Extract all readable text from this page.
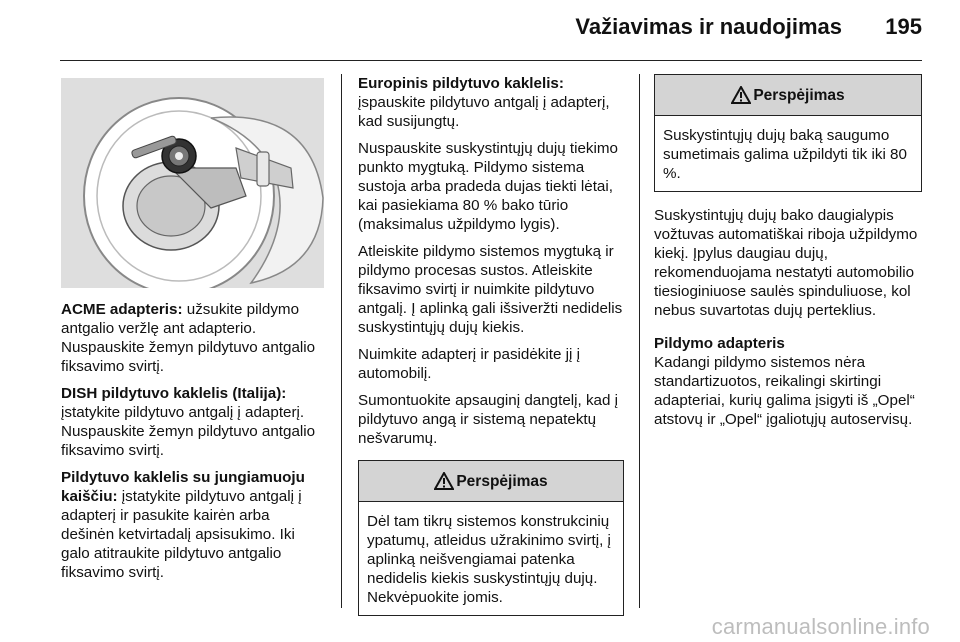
Važiavimas ir naudojimas 195

ACME adapteris: užsukite pildymo antgalio veržlę ant adapterio. Nuspauskite žemyn pildytuvo antgalio fiksavimo svirtį.

DISH pildytuvo kaklelis (Italija): įstatykite pildytuvo antgalį į adapterį. Nuspauskite žemyn pildytuvo antgalio fiksavimo svirtį.

Pildytuvo kaklelis su jungiamuoju kaiščiu: įstatykite pildytuvo antgalį į adapterį ir pasukite kairėn arba dešinėn ketvirtadalį apsisukimo. Iki galo atitraukite pildytuvo antgalio fiksavimo svirtį.

Europinis pildytuvo kaklelis: įspauskite pildytuvo antgalį į adapterį, kad susijungtų.

Nuspauskite suskystintųjų dujų tiekimo punkto mygtuką. Pildymo sistema sustoja arba pradeda dujas tiekti lėtai, kai pasiekiama 80 % bako tūrio (maksimalus užpildymo lygis).

Atleiskite pildymo sistemos mygtuką ir pildymo procesas sustos. Atleiskite fiksavimo svirtį ir nuimkite pildytuvo antgalį. Į aplinką gali išsiveržti nedidelis suskystintųjų dujų kiekis.

Nuimkite adapterį ir pasidėkite jį į automobilį.

Sumontuokite apsauginį dangtelį, kad į pildytuvo angą ir sistemą nepatektų nešvarumų.

Perspėjimas
Dėl tam tikrų sistemos konstrukcinių ypatumų, atleidus užrakinimo svirtį, į aplinką neišvengiamai patenka nedidelis kiekis suskystintųjų dujų. Nekvėpuokite jomis.
Perspėjimas
Suskystintųjų dujų baką saugumo sumetimais galima užpildyti tik iki 80 %.

Suskystintųjų dujų bako daugialypis vožtuvas automatiškai riboja užpildymo kiekį. Įpylus daugiau dujų, rekomenduojama nestatyti automobilio tiesioginiuose saulės spinduliuose, kol nebus suvartotas dujų perteklius.

Pildymo adapteris
Kadangi pildymo sistemos nėra standartizuotos, reikalingi skirtingi adapteriai, kurių galima įsigyti iš „Opel“ atstovų ir „Opel“ įgaliotųjų autoservisų.

carmanualsonline.info
